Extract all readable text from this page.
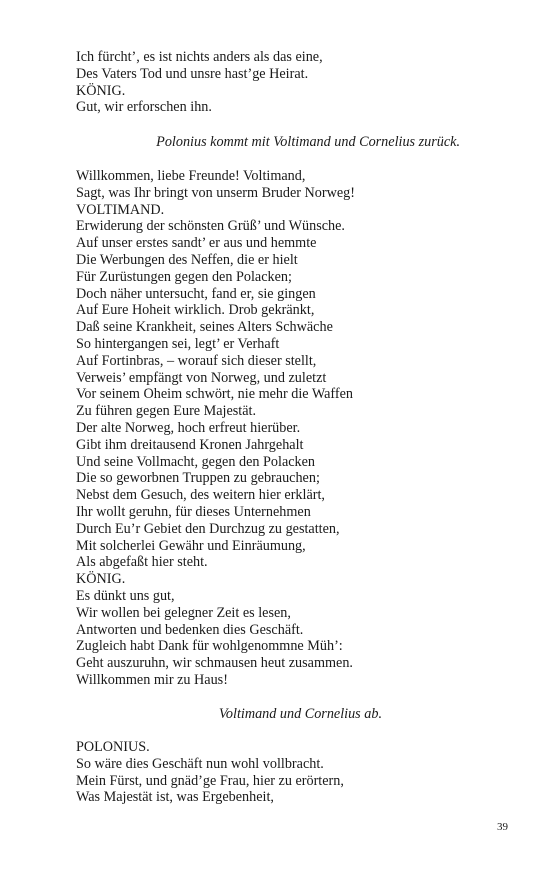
Ich fürcht’, es ist nichts anders als das eine,
Des Vaters Tod und unsre hast’ge Heirat.
KÖNIG.
Gut, wir erforschen ihn.
Polonius kommt mit Voltimand und Cornelius zurück.
Willkommen, liebe Freunde! Voltimand,
Sagt, was Ihr bringt von unserm Bruder Norweg!
VOLTIMAND.
Erwiderung der schönsten Grüß’ und Wünsche.
Auf unser erstes sandt’ er aus und hemmte
Die Werbungen des Neffen, die er hielt
Für Zurüstungen gegen den Polacken;
Doch näher untersucht, fand er, sie gingen
Auf Eure Hoheit wirklich. Drob gekränkt,
Daß seine Krankheit, seines Alters Schwäche
So hintergangen sei, legt’ er Verhaft
Auf Fortinbras, – worauf sich dieser stellt,
Verweis’ empfängt von Norweg, und zuletzt
Vor seinem Oheim schwört, nie mehr die Waffen
Zu führen gegen Eure Majestät.
Der alte Norweg, hoch erfreut hierüber.
Gibt ihm dreitausend Kronen Jahrgehalt
Und seine Vollmacht, gegen den Polacken
Die so geworbnen Truppen zu gebrauchen;
Nebst dem Gesuch, des weitern hier erklärt,
Ihr wollt geruhn, für dieses Unternehmen
Durch Eu’r Gebiet den Durchzug zu gestatten,
Mit solcherlei Gewähr und Einräumung,
Als abgefaßt hier steht.
KÖNIG.
Es dünkt uns gut,
Wir wollen bei gelegner Zeit es lesen,
Antworten und bedenken dies Geschäft.
Zugleich habt Dank für wohlgenommne Müh’:
Geht auszuruhn, wir schmausen heut zusammen.
Willkommen mir zu Haus!
Voltimand und Cornelius ab.
POLONIUS.
So wäre dies Geschäft nun wohl vollbracht.
Mein Fürst, und gnäd’ge Frau, hier zu erörtern,
Was Majestät ist, was Ergebenheit,
39
